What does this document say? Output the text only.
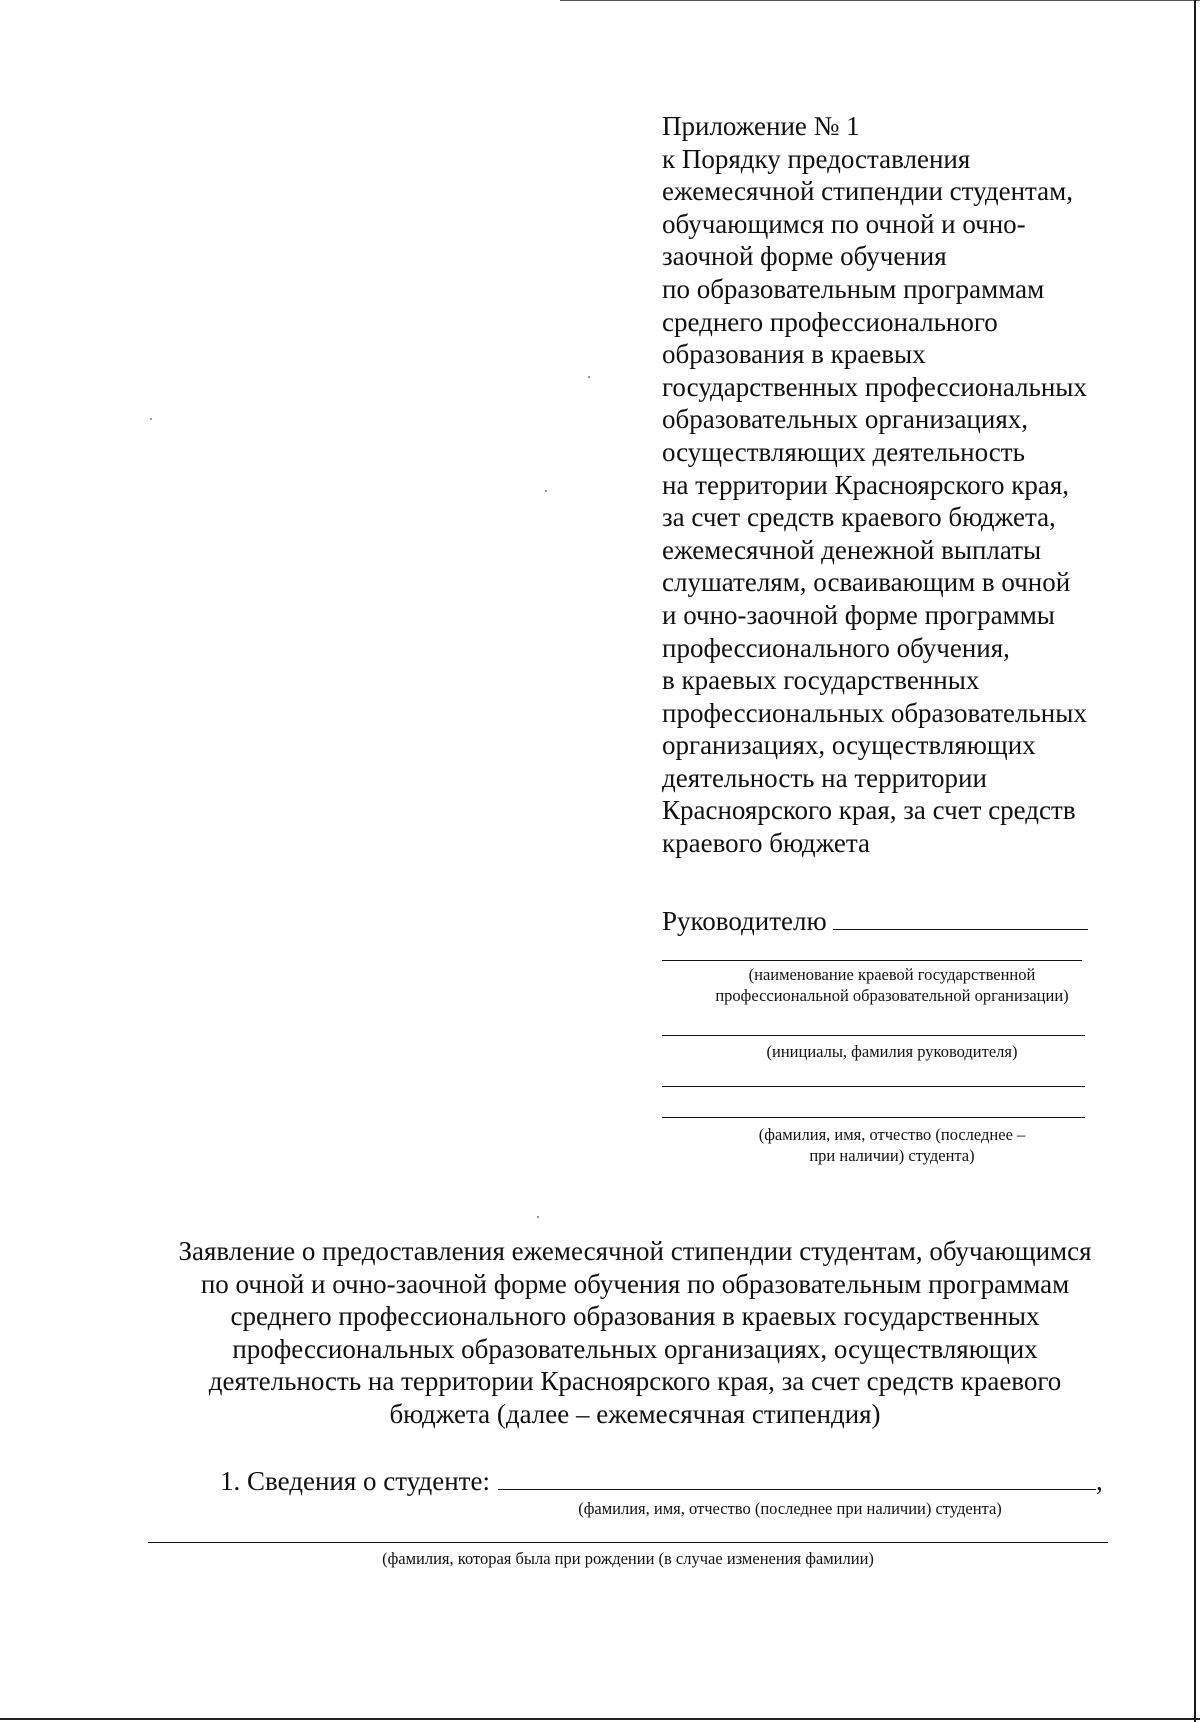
Приложение № 1
к Порядку предоставления
ежемесячной стипендии студентам,
обучающимся по очной и очно-
заочной форме обучения
по образовательным программам
среднего профессионального
образования в краевых
государственных профессиональных
образовательных организациях,
осуществляющих деятельность
на территории Красноярского края,
за счет средств краевого бюджета,
ежемесячной денежной выплаты
слушателям, осваивающим в очной
и очно-заочной форме программы
профессионального обучения,
в краевых государственных
профессиональных образовательных
организациях, осуществляющих
деятельность на территории
Красноярского края, за счет средств
краевого бюджета
Руководителю
(наименование краевой государственной
профессиональной образовательной организации)
(инициалы, фамилия руководителя)
(фамилия, имя, отчество (последнее –
при наличии) студента)
Заявление о предоставления ежемесячной стипендии студентам, обучающимся
по очной и очно-заочной форме обучения по образовательным программам
среднего профессионального образования в краевых государственных
профессиональных образовательных организациях, осуществляющих
деятельность на территории Красноярского края, за счет средств краевого
бюджета (далее – ежемесячная стипендия)
1. Сведения о студенте:	,
(фамилия, имя, отчество (последнее при наличии) студента)
(фамилия, которая была при рождении (в случае изменения фамилии)
